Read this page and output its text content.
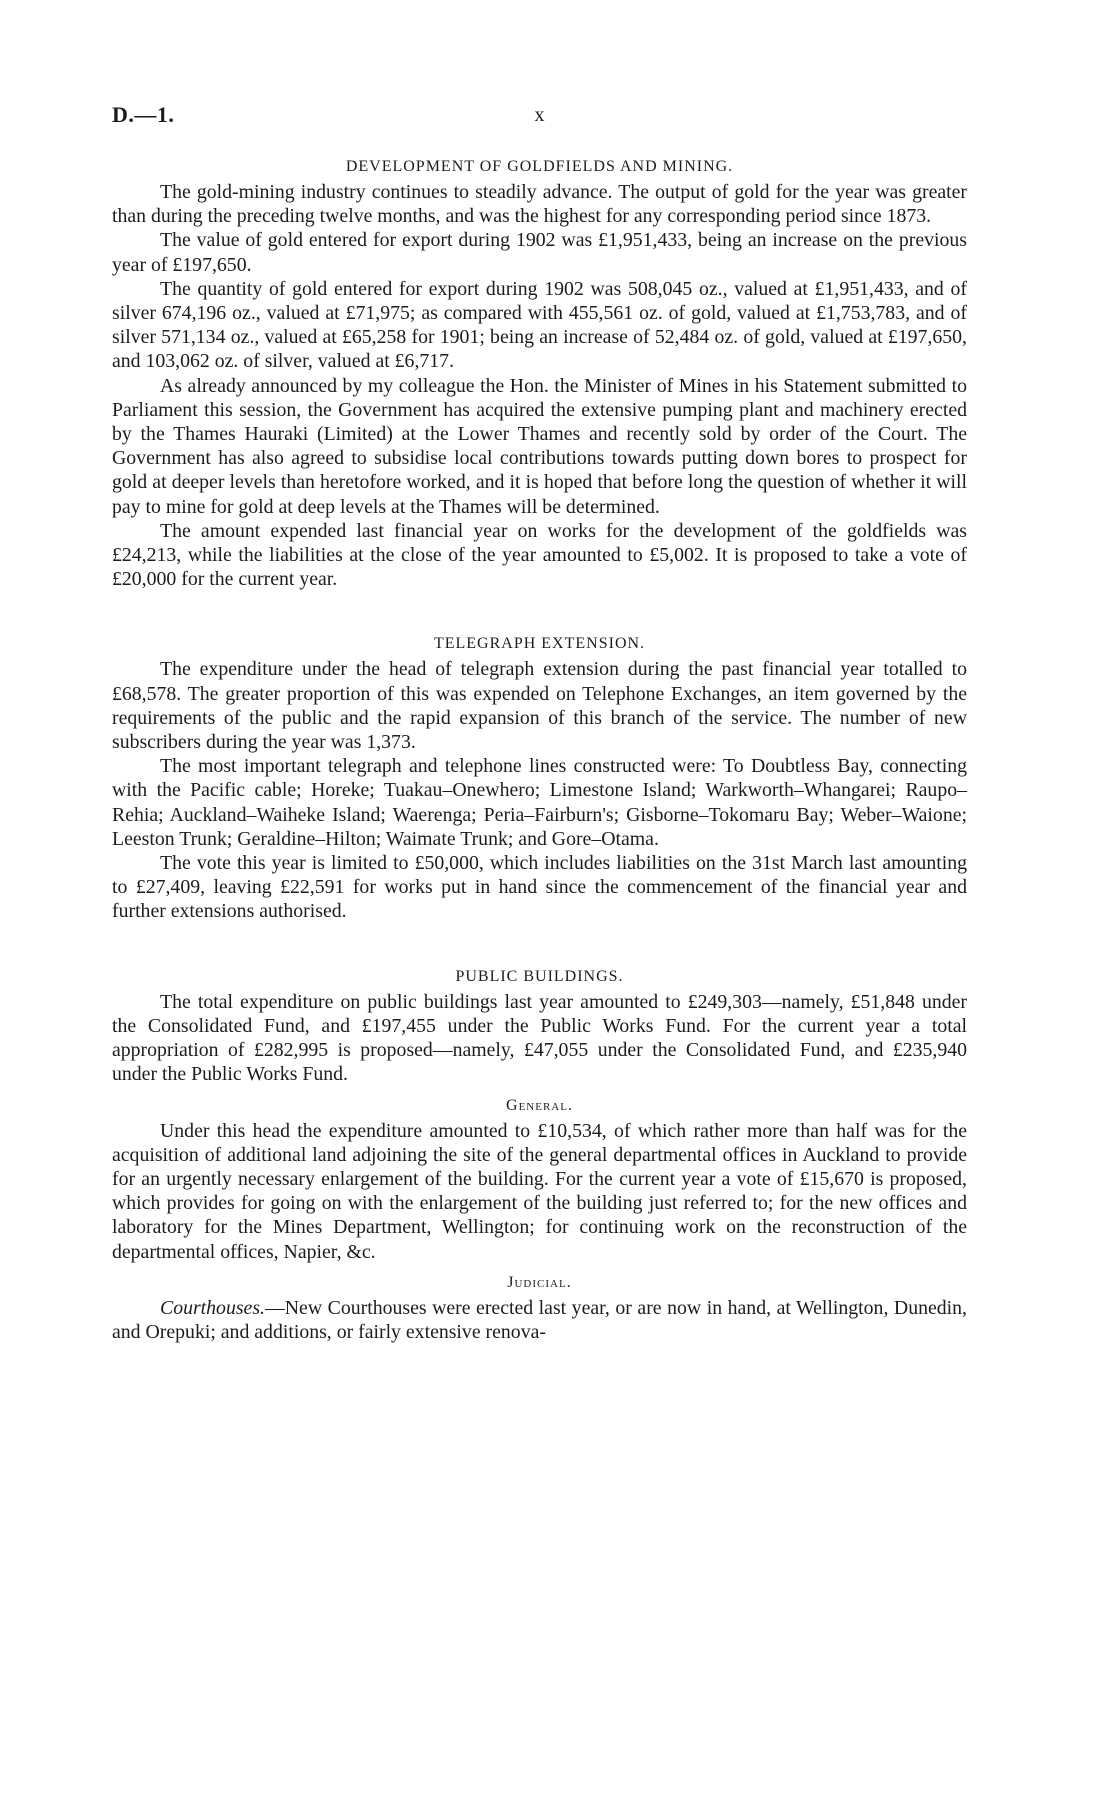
D.—1.	x
DEVELOPMENT OF GOLDFIELDS AND MINING.

The gold-mining industry continues to steadily advance. The output of gold for the year was greater than during the preceding twelve months, and was the highest for any corresponding period since 1873.

The value of gold entered for export during 1902 was £1,951,433, being an increase on the previous year of £197,650.

The quantity of gold entered for export during 1902 was 508,045 oz., valued at £1,951,433, and of silver 674,196 oz., valued at £71,975; as compared with 455,561 oz. of gold, valued at £1,753,783, and of silver 571,134 oz., valued at £65,258 for 1901; being an increase of 52,484 oz. of gold, valued at £197,650, and 103,062 oz. of silver, valued at £6,717.

As already announced by my colleague the Hon. the Minister of Mines in his Statement submitted to Parliament this session, the Government has acquired the extensive pumping plant and machinery erected by the Thames Hauraki (Limited) at the Lower Thames and recently sold by order of the Court. The Government has also agreed to subsidise local contributions towards putting down bores to prospect for gold at deeper levels than heretofore worked, and it is hoped that before long the question of whether it will pay to mine for gold at deep levels at the Thames will be determined.

The amount expended last financial year on works for the development of the goldfields was £24,213, while the liabilities at the close of the year amounted to £5,002. It is proposed to take a vote of £20,000 for the current year.

TELEGRAPH EXTENSION.

The expenditure under the head of telegraph extension during the past financial year totalled to £68,578. The greater proportion of this was expended on Telephone Exchanges, an item governed by the requirements of the public and the rapid expansion of this branch of the service. The number of new subscribers during the year was 1,373.

The most important telegraph and telephone lines constructed were: To Doubtless Bay, connecting with the Pacific cable; Horeke; Tuakau–Onewhero; Limestone Island; Warkworth–Whangarei; Raupo–Rehia; Auckland–Waiheke Island; Waerenga; Peria–Fairburn's; Gisborne–Tokomaru Bay; Weber–Waione; Leeston Trunk; Geraldine–Hilton; Waimate Trunk; and Gore–Otama.

The vote this year is limited to £50,000, which includes liabilities on the 31st March last amounting to £27,409, leaving £22,591 for works put in hand since the commencement of the financial year and further extensions authorised.

PUBLIC BUILDINGS.

The total expenditure on public buildings last year amounted to £249,303—namely, £51,848 under the Consolidated Fund, and £197,455 under the Public Works Fund. For the current year a total appropriation of £282,995 is proposed—namely, £47,055 under the Consolidated Fund, and £235,940 under the Public Works Fund.

General.

Under this head the expenditure amounted to £10,534, of which rather more than half was for the acquisition of additional land adjoining the site of the general departmental offices in Auckland to provide for an urgently necessary enlargement of the building. For the current year a vote of £15,670 is proposed, which provides for going on with the enlargement of the building just referred to; for the new offices and laboratory for the Mines Department, Wellington; for continuing work on the reconstruction of the departmental offices, Napier, &c.

Judicial.

Courthouses.—New Courthouses were erected last year, or are now in hand, at Wellington, Dunedin, and Orepuki; and additions, or fairly extensive renova-
